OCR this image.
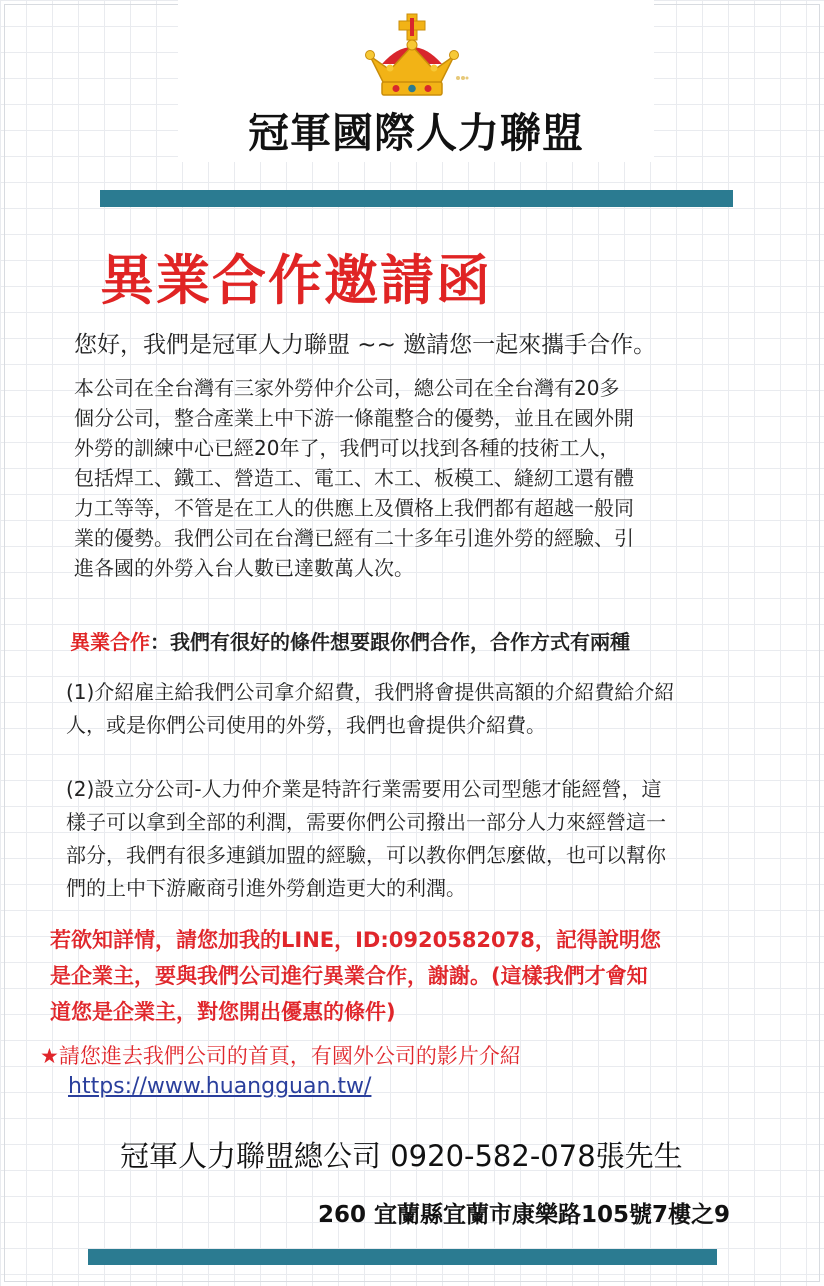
冠軍國際人力聯盟
異業合作邀請函
您好，我們是冠軍人力聯盟 ~~ 邀請您一起來攜手合作。
本公司在全台灣有三家外勞仲介公司，總公司在全台灣有20多
個分公司，整合產業上中下游一條龍整合的優勢，並且在國外開
外勞的訓練中心已經20年了，我們可以找到各種的技術工人，
包括焊工、鐵工、營造工、電工、木工、板模工、縫紉工還有體
力工等等，不管是在工人的供應上及價格上我們都有超越一般同
業的優勢。我們公司在台灣已經有二十多年引進外勞的經驗、引
進各國的外勞入台人數已達數萬人次。
異業合作：我們有很好的條件想要跟你們合作，合作方式有兩種
(1)介紹雇主給我們公司拿介紹費，我們將會提供高額的介紹費給介紹
人，或是你們公司使用的外勞，我們也會提供介紹費。
(2)設立分公司-人力仲介業是特許行業需要用公司型態才能經營，這
樣子可以拿到全部的利潤，需要你們公司撥出一部分人力來經營這一
部分，我們有很多連鎖加盟的經驗，可以教你們怎麼做，也可以幫你
們的上中下游廠商引進外勞創造更大的利潤。
若欲知詳情，請您加我的LINE，ID:0920582078，記得說明您
是企業主，要與我們公司進行異業合作，謝謝。(這樣我們才會知
道您是企業主，對您開出優惠的條件)
★請您進去我們公司的首頁，有國外公司的影片介紹
https://www.huangguan.tw/
冠軍人力聯盟總公司 0920-582-078張先生
260 宜蘭縣宜蘭市康樂路105號7樓之9
